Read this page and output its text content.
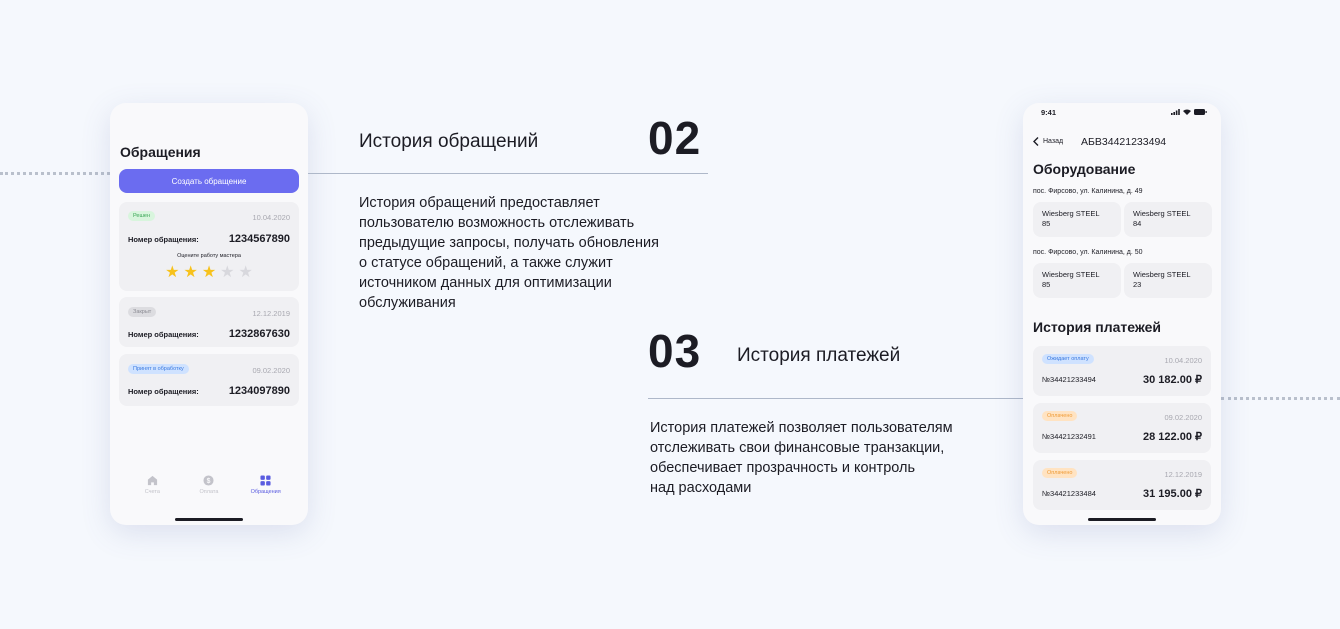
Обращения
Создать обращение
Решен	10.04.2020
Номер обращения:	1234567890
Оцените работу мастера
★ ★ ★ ★ ★
Закрыт	12.12.2019
Номер обращения:	1232867630
Принят в обработку	09.02.2020
Номер обращения:	1234097890
Счета
$
Оплата	Обращения
История обращений 02
История обращений предоставляет
пользователю возможность отслеживать
предыдущие запросы, получать обновления
о статусе обращений, а также служит
источником данных для оптимизации
обслуживания
03 История платежей
История платежей позволяет пользователям
отслеживать свои финансовые транзакции,
обеспечивает прозрачность и контроль
над расходами
9:41
Назад АБВ34421233494
Оборудование
пос. Фирсово, ул. Калинина, д. 49
Wiesberg STEEL
85
Wiesberg STEEL
84
пос. Фирсово, ул. Калинина, д. 50
Wiesberg STEEL
85
Wiesberg STEEL
23
История платежей
Ожидает оплату	10.04.2020
№34421233494	30 182.00 ₽
Оплачено	09.02.2020
№34421232491	28 122.00 ₽
Оплачено	12.12.2019
№34421233484	31 195.00 ₽
